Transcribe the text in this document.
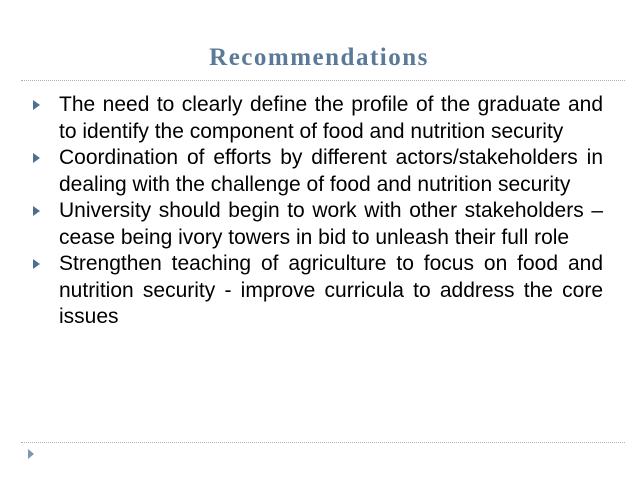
Recommendations
The need to clearly define the profile of the graduate and to identify the component of food and nutrition security
Coordination of efforts by different actors/stakeholders in dealing with the challenge of food and nutrition security
University should begin to work with other stakeholders – cease being ivory towers in bid to unleash their full role
Strengthen teaching of agriculture to focus on food and nutrition security - improve curricula to address the core issues
